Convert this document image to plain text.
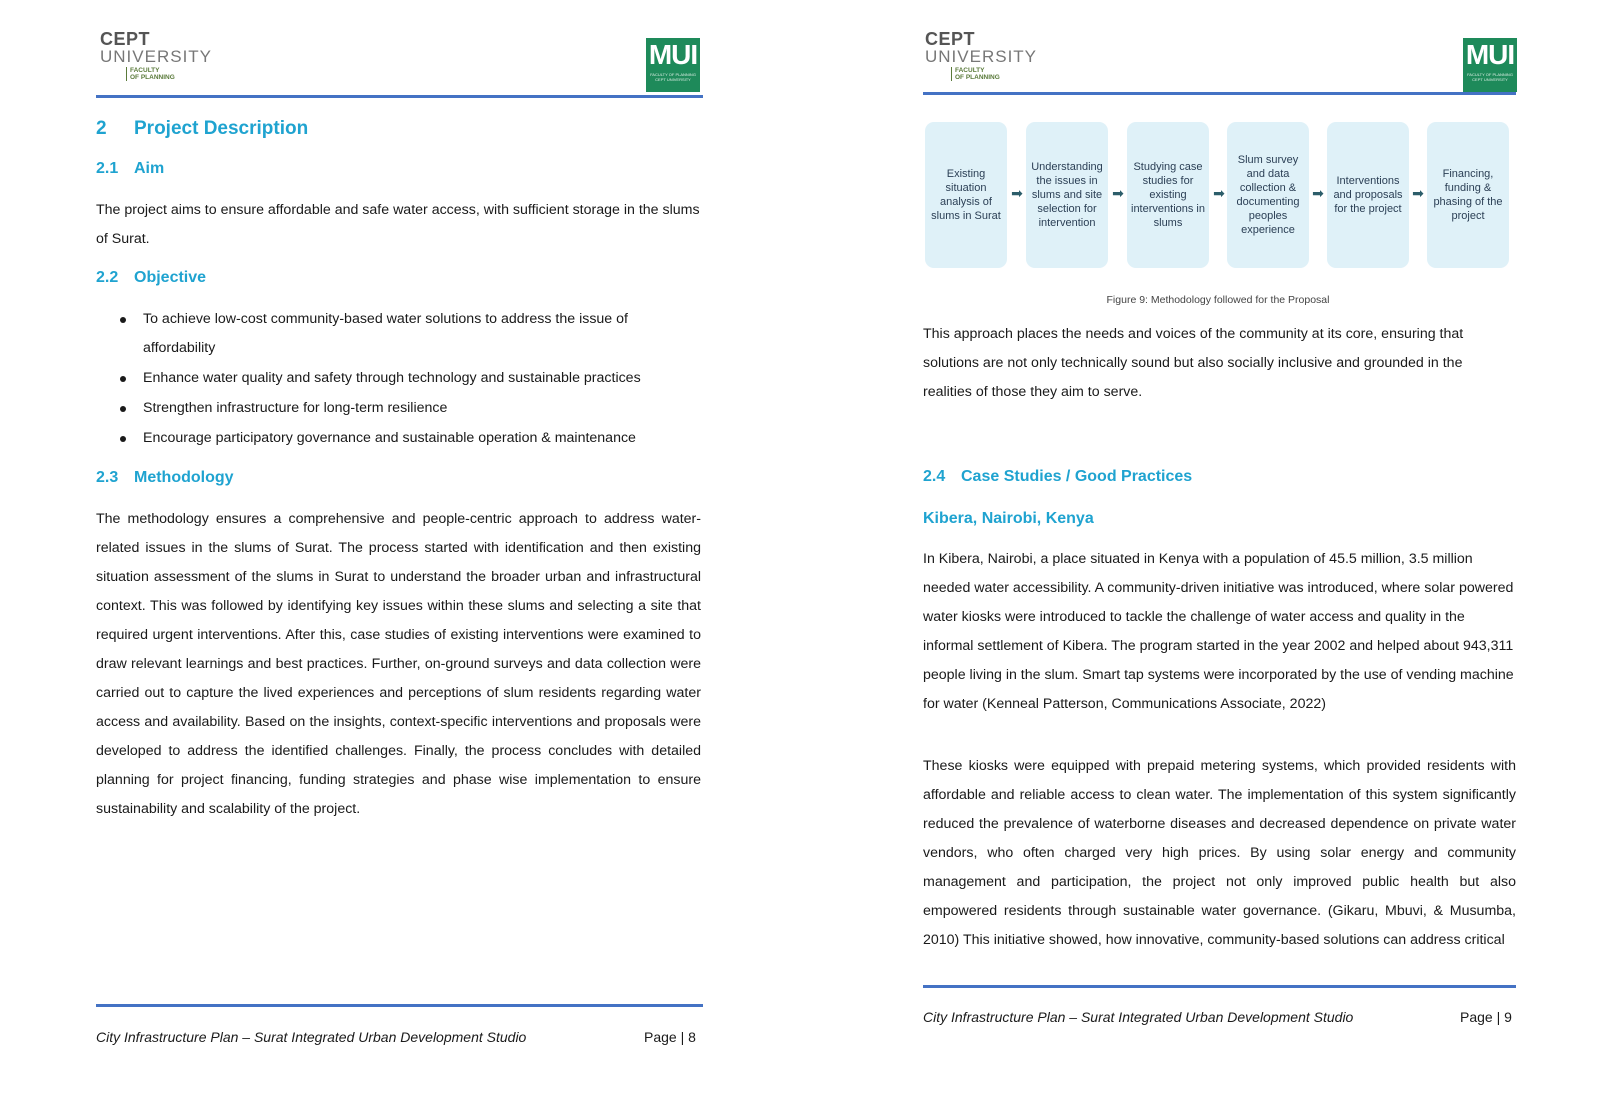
CEPT
UNIVERSITY
FACULTY
OF PLANNING
MUI
FACULTY OF PLANNING
CEPT UNIVERSITY
2 Project Description
2.1 Aim
The project aims to ensure affordable and safe water access, with sufficient storage in the slums of Surat.
2.2 Objective
To achieve low-cost community-based water solutions to address the issue of affordability
Enhance water quality and safety through technology and sustainable practices
Strengthen infrastructure for long-term resilience
Encourage participatory governance and sustainable operation & maintenance
2.3 Methodology
The methodology ensures a comprehensive and people-centric approach to address water-related issues in the slums of Surat. The process started with identification and then existing situation assessment of the slums in Surat to understand the broader urban and infrastructural context. This was followed by identifying key issues within these slums and selecting a site that required urgent interventions. After this, case studies of existing interventions were examined to draw relevant learnings and best practices. Further, on-ground surveys and data collection were carried out to capture the lived experiences and perceptions of slum residents regarding water access and availability. Based on the insights, context-specific interventions and proposals were developed to address the identified challenges. Finally, the process concludes with detailed planning for project financing, funding strategies and phase wise implementation to ensure sustainability and scalability of the project.
City Infrastructure Plan – Surat Integrated Urban Development Studio	Page | 8
CEPT
UNIVERSITY
FACULTY
OF PLANNING
MUI
FACULTY OF PLANNING
CEPT UNIVERSITY
Existing situation analysis of slums in Surat
➡
Understanding the issues in slums and site selection for intervention
➡
Studying case studies for existing interventions in slums
➡
Slum survey and data collection & documenting peoples experience
➡
Interventions and proposals for the project
➡
Financing, funding & phasing of the project
Figure 9: Methodology followed for the Proposal
This approach places the needs and voices of the community at its core, ensuring that solutions are not only technically sound but also socially inclusive and grounded in the realities of those they aim to serve.
2.4 Case Studies / Good Practices
Kibera, Nairobi, Kenya
In Kibera, Nairobi, a place situated in Kenya with a population of 45.5 million, 3.5 million needed water accessibility. A community-driven initiative was introduced, where solar powered water kiosks were introduced to tackle the challenge of water access and quality in the informal settlement of Kibera. The program started in the year 2002 and helped about 943,311 people living in the slum. Smart tap systems were incorporated by the use of vending machine for water (Kenneal Patterson, Communications Associate, 2022)
These kiosks were equipped with prepaid metering systems, which provided residents with affordable and reliable access to clean water. The implementation of this system significantly reduced the prevalence of waterborne diseases and decreased dependence on private water vendors, who often charged very high prices. By using solar energy and community management and participation, the project not only improved public health but also empowered residents through sustainable water governance. (Gikaru, Mbuvi, & Musumba, 2010) This initiative showed, how innovative, community-based solutions can address critical
City Infrastructure Plan – Surat Integrated Urban Development Studio	Page | 9
